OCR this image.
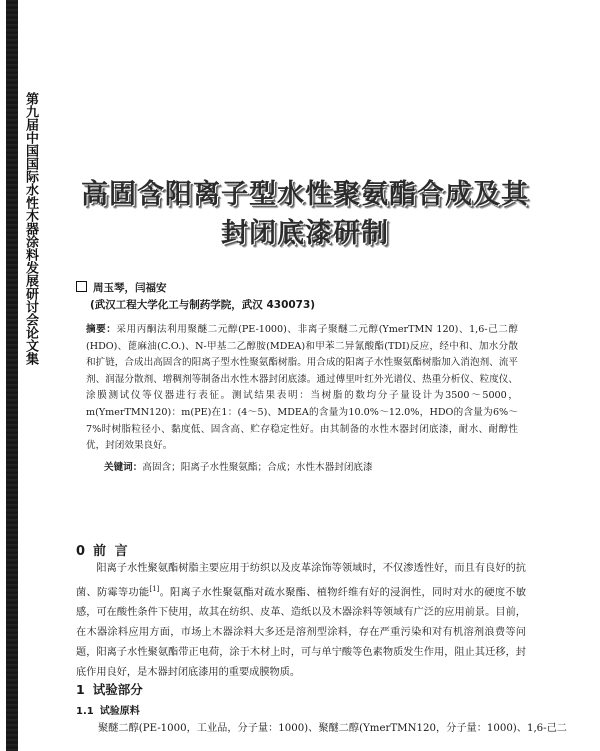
第九届中国国际水性木器涂料发展研讨会论文集	高固含阳离子型水性聚氨酯合成及其
封闭底漆研制
周玉琴，闫福安
(武汉工程大学化工与制药学院，武汉 430073)
摘要：采用丙酮法利用聚醚二元醇(PE-1000)、非离子聚醚二元醇(YmerTMN 120)、1,6-己二醇(HDO)、蓖麻油(C.O.)、N-甲基二乙醇胺(MDEA)和甲苯二异氰酸酯(TDI)反应，经中和、加水分散和扩链，合成出高固含的阳离子型水性聚氨酯树脂。用合成的阳离子水性聚氨酯树脂加入消泡剂、流平剂、润湿分散剂、增稠剂等制备出水性木器封闭底漆。通过傅里叶红外光谱仪、热重分析仪、粒度仪、涂膜测试仪等仪器进行表征。测试结果表明：当树脂的数均分子量设计为3500～5000，m(YmerTMN120)：m(PE)在1：(4～5)、MDEA的含量为10.0%～12.0%，HDO的含量为6%～7%时树脂粒径小、黏度低、固含高、贮存稳定性好。由其制备的水性木器封闭底漆，耐水、耐醇性优，封闭效果良好。
关键词：高固含；阳离子水性聚氨酯；合成；水性木器封闭底漆
0 前 言
阳离子水性聚氨酯树脂主要应用于纺织以及皮革涂饰等领域时，不仅渗透性好，而且有良好的抗菌、防霉等功能[1]。阳离子水性聚氨酯对疏水聚酯、植物纤维有好的浸润性，同时对水的硬度不敏感，可在酸性条件下使用，故其在纺织、皮革、造纸以及木器涂料等领域有广泛的应用前景。目前，在木器涂料应用方面，市场上木器涂料大多还是溶剂型涂料，存在严重污染和对有机溶剂浪费等问题，阳离子水性聚氨酯带正电荷，涂于木材上时，可与单宁酸等色素物质发生作用，阻止其迁移，封底作用良好，是木器封闭底漆用的重要成膜物质。
1 试验部分
1.1 试验原料
聚醚二醇(PE-1000，工业品，分子量：1000)、聚醚二醇(YmerTMN120，分子量：1000)、1,6-己二
